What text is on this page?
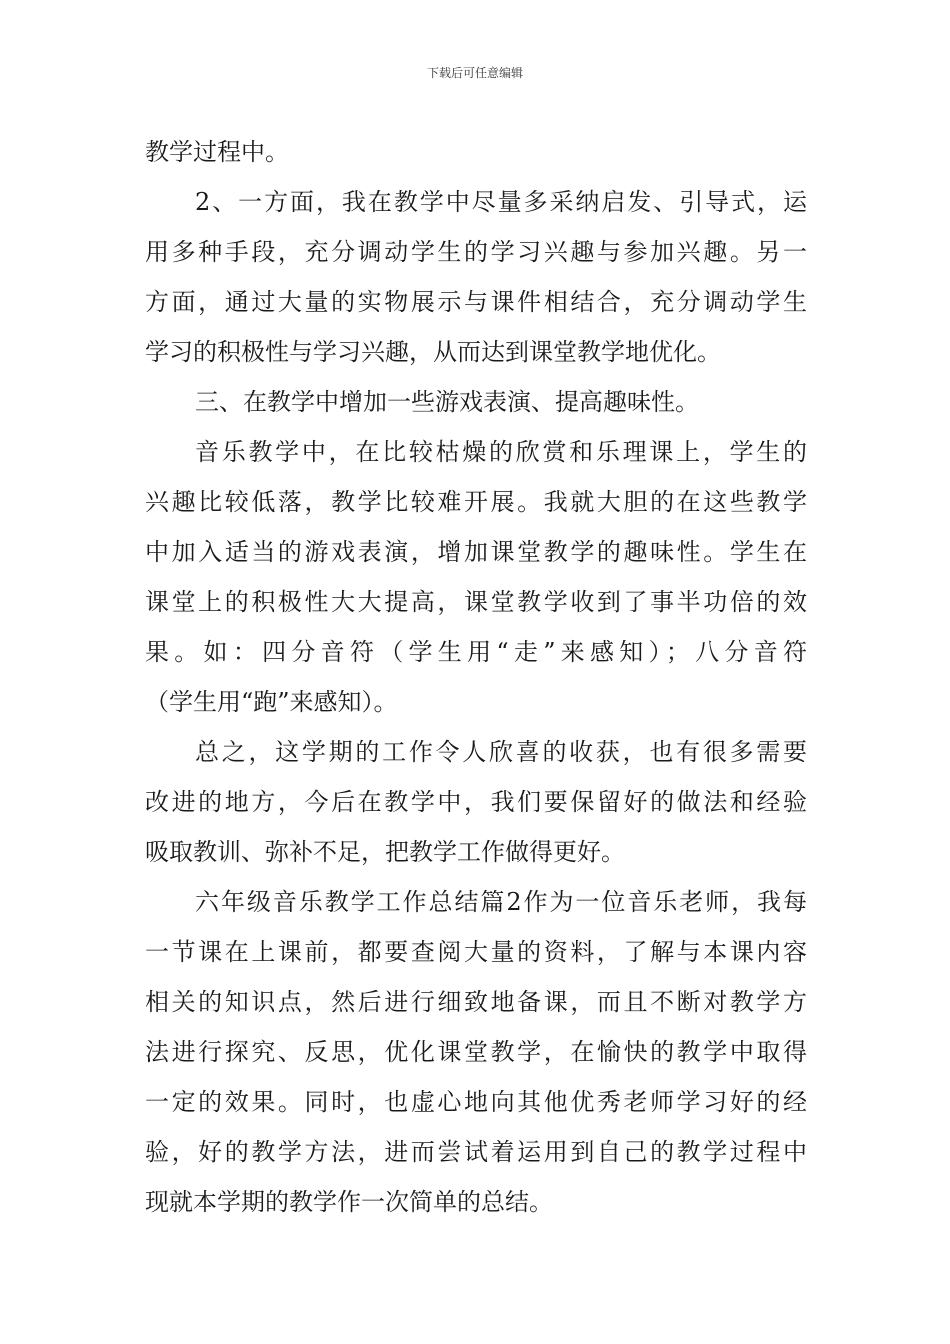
下载后可任意编辑
教学过程中。
2、一方面，我在教学中尽量多采纳启发、引导式，运
用多种手段，充分调动学生的学习兴趣与参加兴趣。另一
方面，通过大量的实物展示与课件相结合，充分调动学生
学习的积极性与学习兴趣，从而达到课堂教学地优化。
三、在教学中增加一些游戏表演、提高趣味性。
音乐教学中，在比较枯燥的欣赏和乐理课上，学生的
兴趣比较低落，教学比较难开展。我就大胆的在这些教学
中加入适当的游戏表演，增加课堂教学的趣味性。学生在
课堂上的积极性大大提高，课堂教学收到了事半功倍的效
果。如：四分音符（学生用“走”来感知）；八分音符
（学生用“跑”来感知）。
总之，这学期的工作令人欣喜的收获，也有很多需要
改进的地方，今后在教学中，我们要保留好的做法和经验
吸取教训、弥补不足，把教学工作做得更好。
六年级音乐教学工作总结篇2作为一位音乐老师，我每
一节课在上课前，都要查阅大量的资料，了解与本课内容
相关的知识点，然后进行细致地备课，而且不断对教学方
法进行探究、反思，优化课堂教学，在愉快的教学中取得
一定的效果。同时，也虚心地向其他优秀老师学习好的经
验，好的教学方法，进而尝试着运用到自己的教学过程中
现就本学期的教学作一次简单的总结。
